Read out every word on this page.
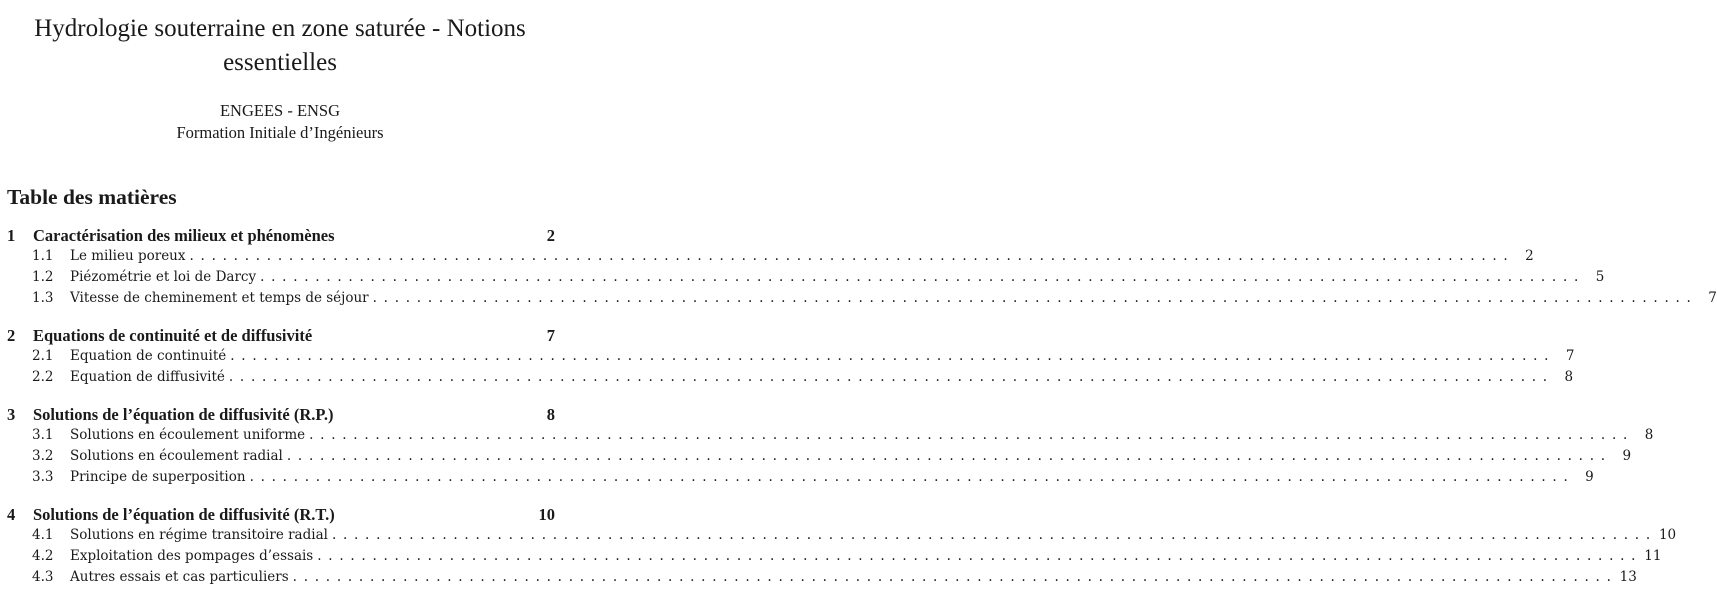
Hydrologie souterraine en zone saturée - Notions essentielles
ENGEES - ENSG
Formation Initiale d’Ingénieurs
Table des matières
1	Caractérisation des milieux et phénomènes	2
1.1	Le milieu poreux . . . . . . . . . . . . . . . . . . . . . . . . . . . . . . . . . . . . . . . . . . . . . . . . . . . . . . . . . . . . . . . . . . . . . . . . . . . . . . . . . . . . . . . . . . . . . . . . . . . . . . . . . . . . . . . . . . . . . . . .	2
1.2	Piézométrie et loi de Darcy . . . . . . . . . . . . . . . . . . . . . . . . . . . . . . . . . . . . . . . . . . . . . . . . . . . . . . . . . . . . . . . . . . . . . . . . . . . . . . . . . . . . . . . . . . . . . . . . . . . . . . . . . . . . . . . . . . . . . . . .	5
1.3	Vitesse de cheminement et temps de séjour . . . . . . . . . . . . . . . . . . . . . . . . . . . . . . . . . . . . . . . . . . . . . . . . . . . . . . . . . . . . . . . . . . . . . . . . . . . . . . . . . . . . . . . . . . . . . . . . . . . . . . . . . . . . . . . . . . . . . . . .	7
2	Equations de continuité et de diffusivité	7
2.1	Equation de continuité . . . . . . . . . . . . . . . . . . . . . . . . . . . . . . . . . . . . . . . . . . . . . . . . . . . . . . . . . . . . . . . . . . . . . . . . . . . . . . . . . . . . . . . . . . . . . . . . . . . . . . . . . . . . . . . . . . . . . . . .	7
2.2	Equation de diffusivité . . . . . . . . . . . . . . . . . . . . . . . . . . . . . . . . . . . . . . . . . . . . . . . . . . . . . . . . . . . . . . . . . . . . . . . . . . . . . . . . . . . . . . . . . . . . . . . . . . . . . . . . . . . . . . . . . . . . . . . .	8
3	Solutions de l’équation de diffusivité (R.P.)	8
3.1	Solutions en écoulement uniforme . . . . . . . . . . . . . . . . . . . . . . . . . . . . . . . . . . . . . . . . . . . . . . . . . . . . . . . . . . . . . . . . . . . . . . . . . . . . . . . . . . . . . . . . . . . . . . . . . . . . . . . . . . . . . . . . . . . . . . . .	8
3.2	Solutions en écoulement radial . . . . . . . . . . . . . . . . . . . . . . . . . . . . . . . . . . . . . . . . . . . . . . . . . . . . . . . . . . . . . . . . . . . . . . . . . . . . . . . . . . . . . . . . . . . . . . . . . . . . . . . . . . . . . . . . . . . . . . . .	9
3.3	Principe de superposition . . . . . . . . . . . . . . . . . . . . . . . . . . . . . . . . . . . . . . . . . . . . . . . . . . . . . . . . . . . . . . . . . . . . . . . . . . . . . . . . . . . . . . . . . . . . . . . . . . . . . . . . . . . . . . . . . . . . . . . .	9
4	Solutions de l’équation de diffusivité (R.T.)	10
4.1	Solutions en régime transitoire radial . . . . . . . . . . . . . . . . . . . . . . . . . . . . . . . . . . . . . . . . . . . . . . . . . . . . . . . . . . . . . . . . . . . . . . . . . . . . . . . . . . . . . . . . . . . . . . . . . . . . . . . . . . . . . . . . . . . . . . . . 10
4.2	Exploitation des pompages d’essais . . . . . . . . . . . . . . . . . . . . . . . . . . . . . . . . . . . . . . . . . . . . . . . . . . . . . . . . . . . . . . . . . . . . . . . . . . . . . . . . . . . . . . . . . . . . . . . . . . . . . . . . . . . . . . . . . . . . . . . . 11
4.3	Autres essais et cas particuliers . . . . . . . . . . . . . . . . . . . . . . . . . . . . . . . . . . . . . . . . . . . . . . . . . . . . . . . . . . . . . . . . . . . . . . . . . . . . . . . . . . . . . . . . . . . . . . . . . . . . . . . . . . . . . . . . . . . . . . . . 13
